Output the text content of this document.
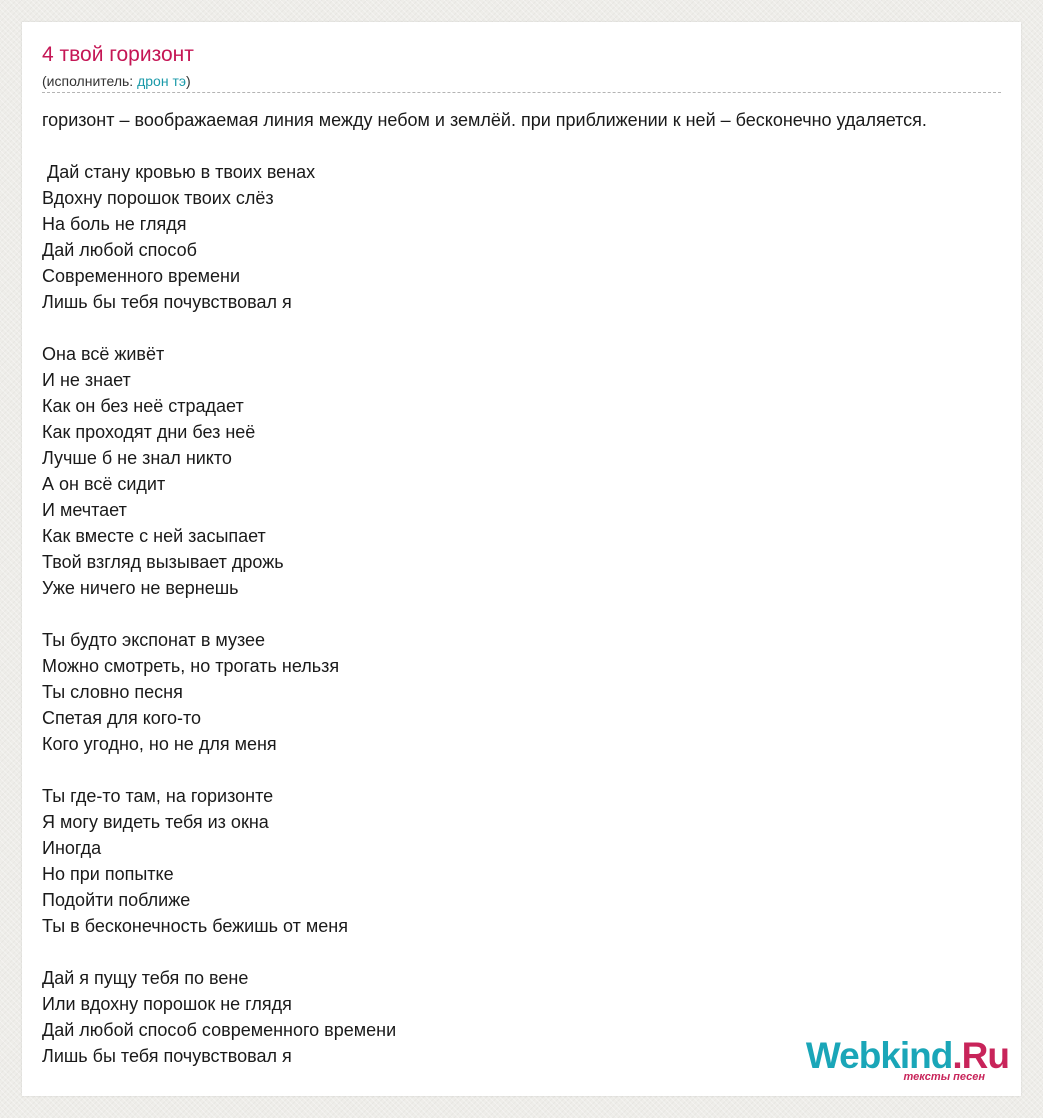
4 твой горизонт
(исполнитель: дрон тэ)
горизонт – воображаемая линия между небом и землёй. при приближении к ней – бесконечно удаляется.
Дай стану кровью в твоих венах
Вдохну порошок твоих слёз
На боль не глядя
Дай любой способ
Современного времени
Лишь бы тебя почувствовал я
Она всё живёт
И не знает
Как он без неё страдает
Как проходят дни без неё
Лучше б не знал никто
А он всё сидит
И мечтает
Как вместе с ней засыпает
Твой взгляд вызывает дрожь
Уже ничего не вернешь
Ты будто экспонат в музее
Можно смотреть, но трогать нельзя
Ты словно песня
Спетая для кого-то
Кого угодно, но не для меня
Ты где-то там, на горизонте
Я могу видеть тебя из окна
Иногда
Но при попытке
Подойти поближе
Ты в бесконечность бежишь от меня
Дай я пущу тебя по вене
Или вдохну порошок не глядя
Дай любой способ современного времени
Лишь бы тебя почувствовал я	Webkind.Ru
тексты песен
